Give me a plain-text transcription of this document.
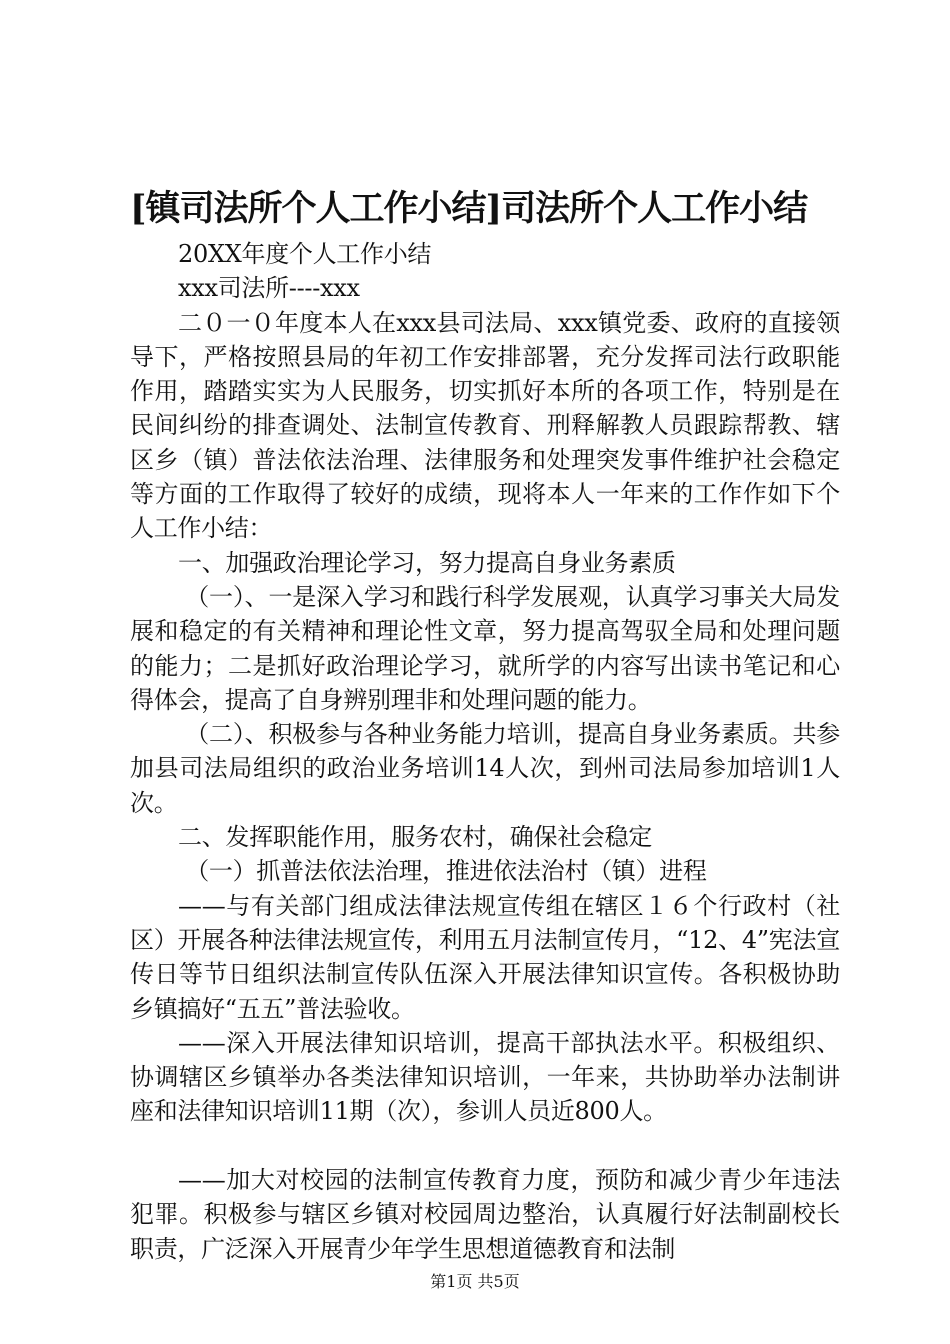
[镇司法所个人工作小结]司法所个人工作小结

20XX年度个人工作小结

xxx司法所----xxx

二０一０年度本人在xxx县司法局、xxx镇党委、政府的直接领导下，严格按照县局的年初工作安排部署，充分发挥司法行政职能作用，踏踏实实为人民服务，切实抓好本所的各项工作，特别是在民间纠纷的排查调处、法制宣传教育、刑释解教人员跟踪帮教、辖区乡（镇）普法依法治理、法律服务和处理突发事件维护社会稳定等方面的工作取得了较好的成绩，现将本人一年来的工作作如下个人工作小结：

一、加强政治理论学习，努力提高自身业务素质

（一）、一是深入学习和践行科学发展观，认真学习事关大局发展和稳定的有关精神和理论性文章，努力提高驾驭全局和处理问题的能力；二是抓好政治理论学习，就所学的内容写出读书笔记和心得体会，提高了自身辨别理非和处理问题的能力。

（二）、积极参与各种业务能力培训，提高自身业务素质。共参加县司法局组织的政治业务培训14人次，到州司法局参加培训1人次。

二、发挥职能作用，服务农村，确保社会稳定

（一）抓普法依法治理，推进依法治村（镇）进程

——与有关部门组成法律法规宣传组在辖区１６个行政村（社区）开展各种法律法规宣传，利用五月法制宣传月，“12、4”宪法宣传日等节日组织法制宣传队伍深入开展法律知识宣传。各积极协助乡镇搞好“五五”普法验收。

——深入开展法律知识培训，提高干部执法水平。积极组织、协调辖区乡镇举办各类法律知识培训，一年来，共协助举办法制讲座和法律知识培训11期（次），参训人员近800人。

——加大对校园的法制宣传教育力度，预防和减少青少年违法犯罪。积极参与辖区乡镇对校园周边整治，认真履行好法制副校长职责，广泛深入开展青少年学生思想道德教育和法制

第1页 共5页
